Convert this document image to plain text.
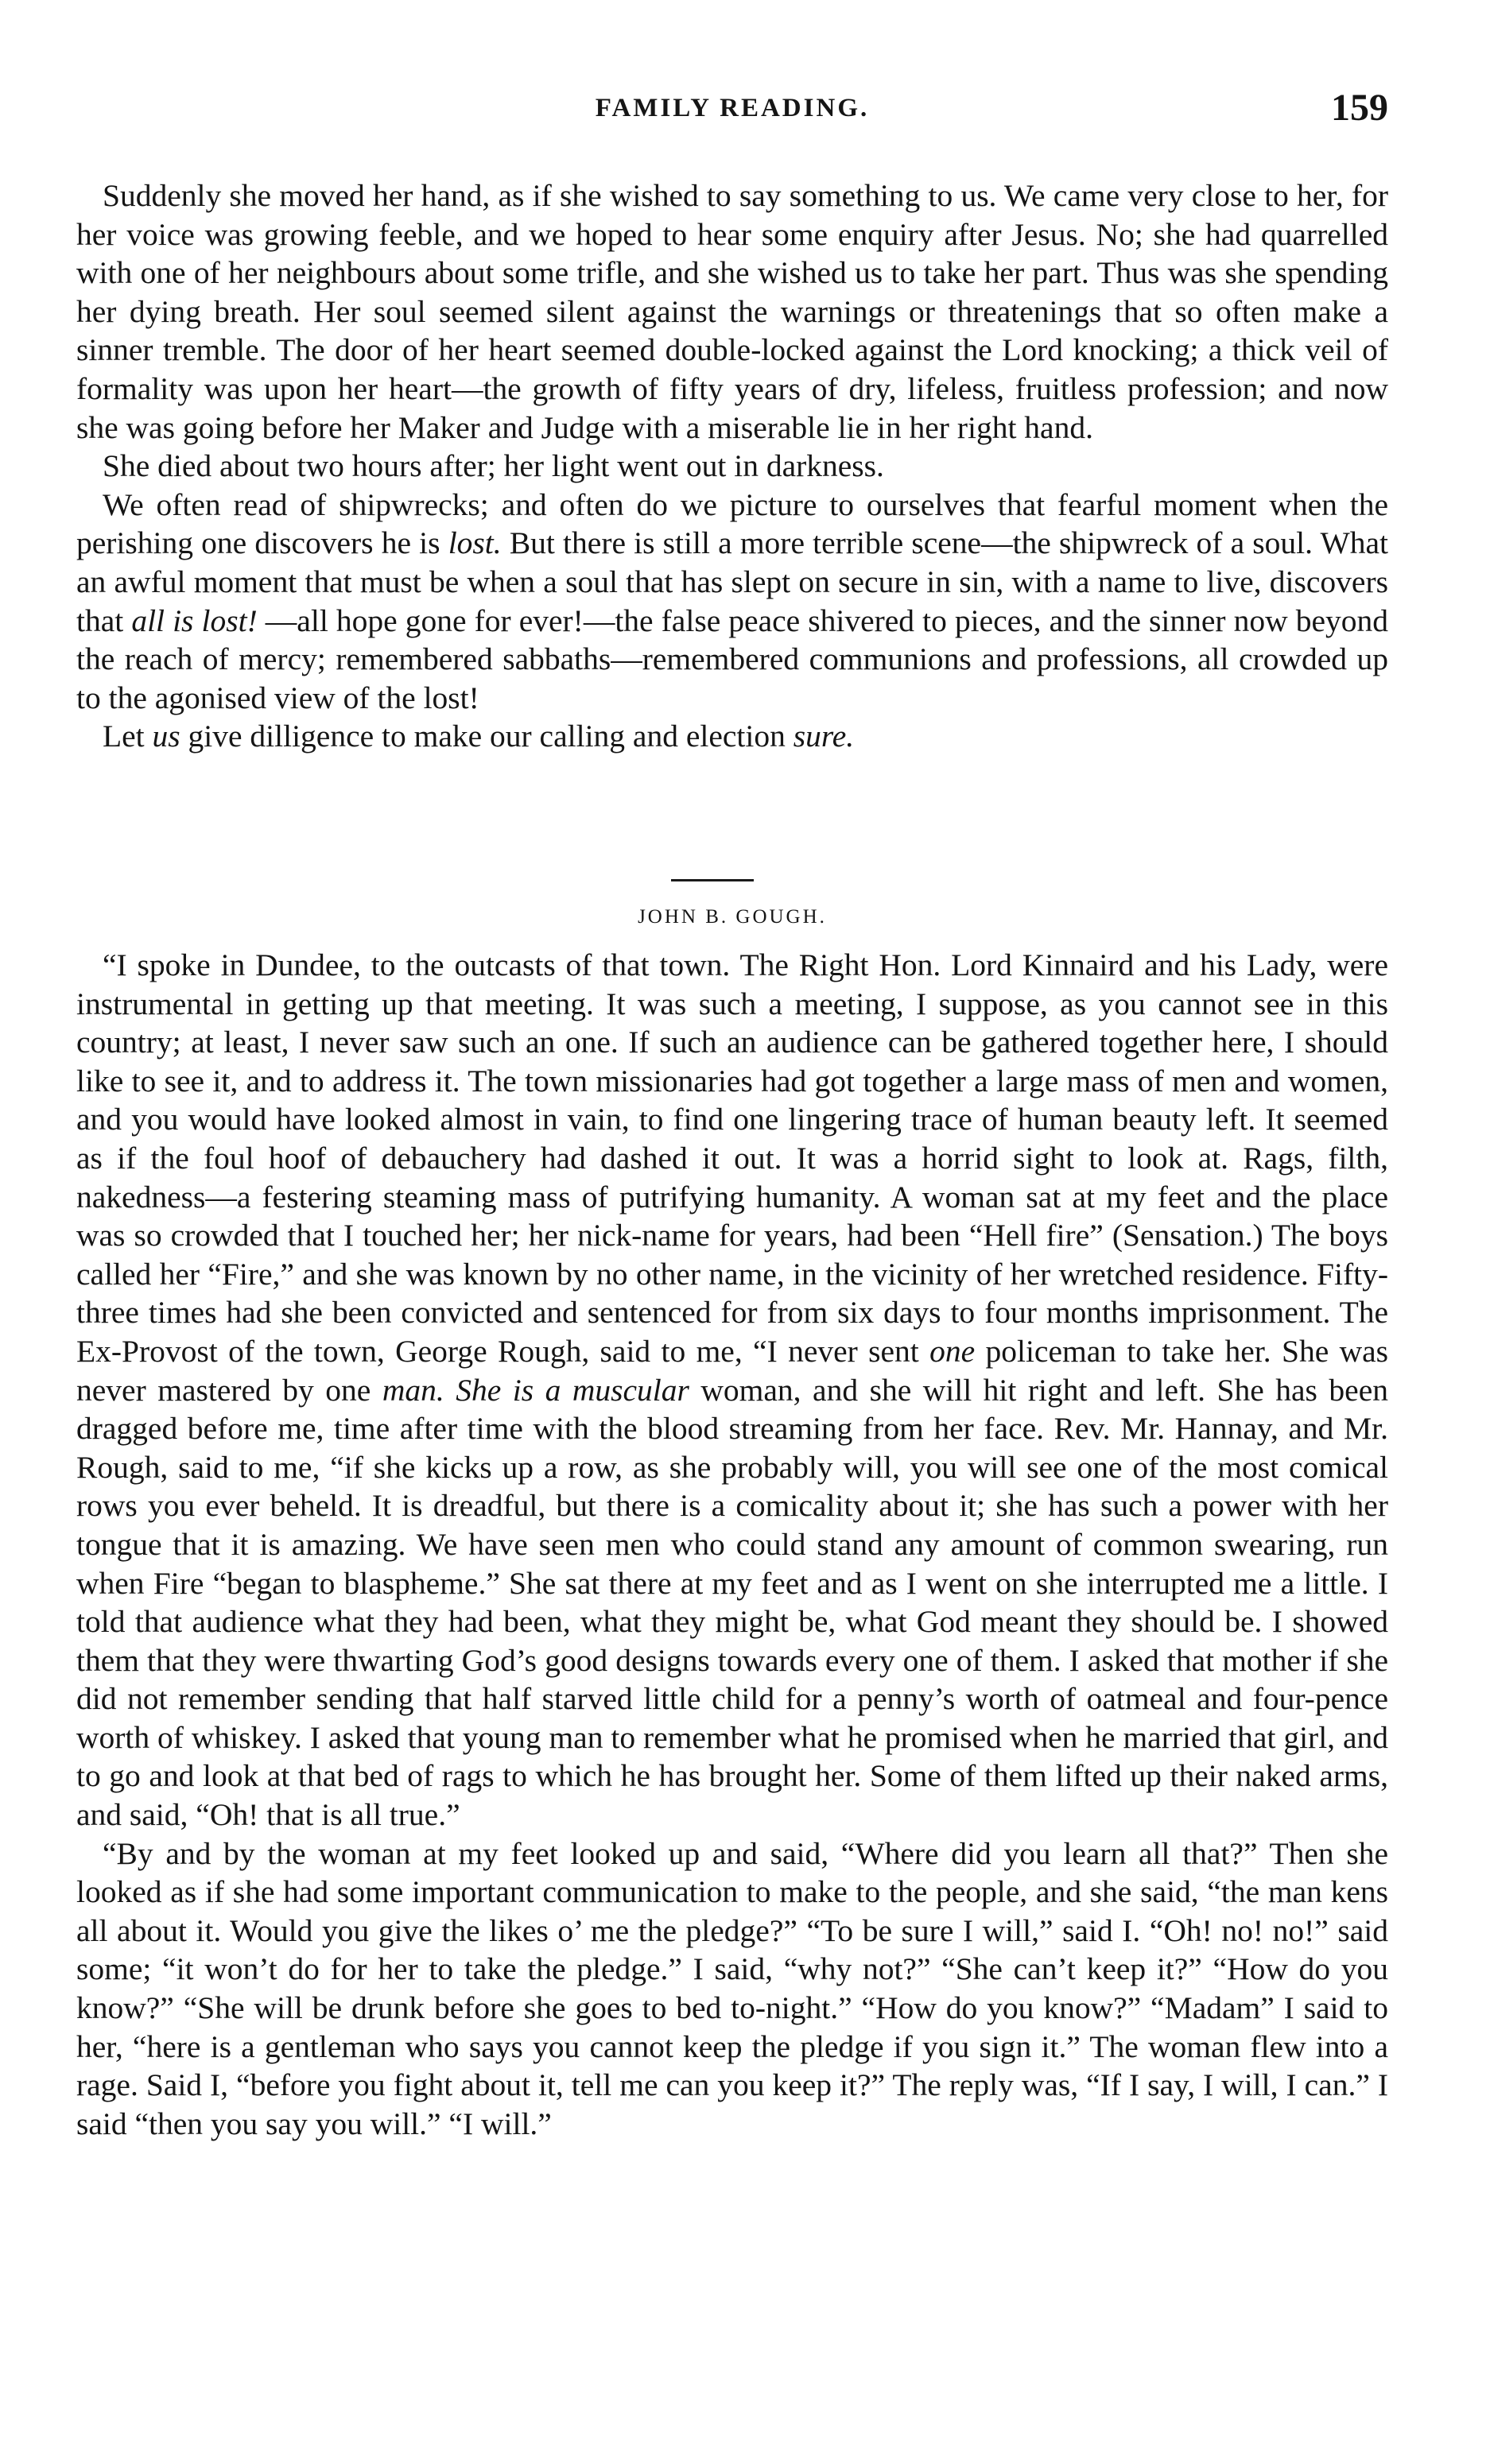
FAMILY READING.	159

Suddenly she moved her hand, as if she wished to say something to us. We came very close to her, for her voice was growing feeble, and we hoped to hear some enquiry after Jesus. No; she had quarrelled with one of her neighbours about some trifle, and she wished us to take her part. Thus was she spending her dying breath. Her soul seemed silent against the warnings or threatenings that so often make a sinner tremble. The door of her heart seemed double-locked against the Lord knocking; a thick veil of formality was upon her heart—the growth of fifty years of dry, lifeless, fruitless profession; and now she was going before her Maker and Judge with a miserable lie in her right hand.

She died about two hours after; her light went out in darkness.

We often read of shipwrecks; and often do we picture to ourselves that fearful moment when the perishing one discovers he is lost. But there is still a more terrible scene—the shipwreck of a soul. What an awful moment that must be when a soul that has slept on secure in sin, with a name to live, discovers that all is lost! —all hope gone for ever!—the false peace shivered to pieces, and the sinner now beyond the reach of mercy; remembered sabbaths—remembered communions and professions, all crowded up to the agonised view of the lost!

Let us give dilligence to make our calling and election sure.

JOHN B. GOUGH.

“I spoke in Dundee, to the outcasts of that town. The Right Hon. Lord Kinnaird and his Lady, were instrumental in getting up that meeting. It was such a meeting, I suppose, as you cannot see in this country; at least, I never saw such an one. If such an audience can be gathered together here, I should like to see it, and to address it. The town missionaries had got together a large mass of men and women, and you would have looked almost in vain, to find one lingering trace of human beauty left. It seemed as if the foul hoof of debauchery had dashed it out. It was a horrid sight to look at. Rags, filth, nakedness—a festering steaming mass of putrifying humanity. A woman sat at my feet and the place was so crowded that I touched her; her nick-name for years, had been “Hell fire” (Sensation.) The boys called her “Fire,” and she was known by no other name, in the vicinity of her wretched residence. Fifty-three times had she been convicted and sentenced for from six days to four months imprisonment. The Ex-Provost of the town, George Rough, said to me, “I never sent one policeman to take her. She was never mastered by one man. She is a muscular woman, and she will hit right and left. She has been dragged before me, time after time with the blood streaming from her face. Rev. Mr. Hannay, and Mr. Rough, said to me, “if she kicks up a row, as she probably will, you will see one of the most comical rows you ever beheld. It is dreadful, but there is a comicality about it; she has such a power with her tongue that it is amazing. We have seen men who could stand any amount of common swearing, run when Fire “began to blaspheme.” She sat there at my feet and as I went on she interrupted me a little. I told that audience what they had been, what they might be, what God meant they should be. I showed them that they were thwarting God’s good designs towards every one of them. I asked that mother if she did not remember sending that half starved little child for a penny’s worth of oatmeal and four-pence worth of whiskey. I asked that young man to remember what he promised when he married that girl, and to go and look at that bed of rags to which he has brought her. Some of them lifted up their naked arms, and said, “Oh! that is all true.”

“By and by the woman at my feet looked up and said, “Where did you learn all that?” Then she looked as if she had some important communication to make to the people, and she said, “the man kens all about it. Would you give the likes o’ me the pledge?” “To be sure I will,” said I. “Oh! no! no!” said some; “it won’t do for her to take the pledge.” I said, “why not?” “She can’t keep it?” “How do you know?” “She will be drunk before she goes to bed to-night.” “How do you know?” “Madam” I said to her, “here is a gentleman who says you cannot keep the pledge if you sign it.” The woman flew into a rage. Said I, “before you fight about it, tell me can you keep it?” The reply was, “If I say, I will, I can.” I said “then you say you will.” “I will.”
